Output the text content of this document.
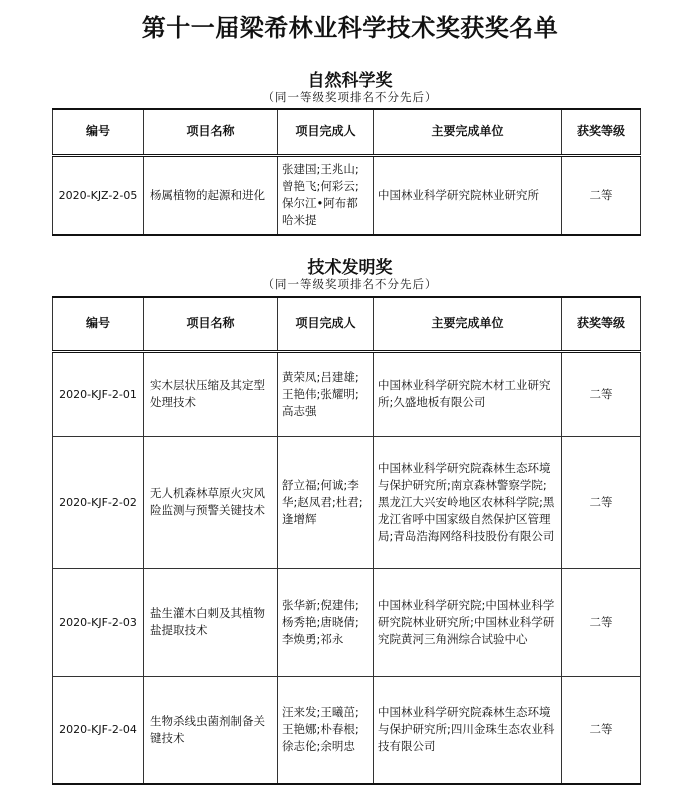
第十一届梁希林业科学技术奖获奖名单
自然科学奖
（同一等级奖项排名不分先后）
编号	项目名称	项目完成人	主要完成单位	获奖等级
2020-KJZ-2-05	杨属植物的起源和进化	张建国;王兆山;曾艳飞;何彩云;保尔江•阿布都哈米提	中国林业科学研究院林业研究所	二等
技术发明奖
（同一等级奖项排名不分先后）
编号	项目名称	项目完成人	主要完成单位	获奖等级
2020-KJF-2-01	实木层状压缩及其定型处理技术	黄荣凤;吕建雄;王艳伟;张耀明;高志强	中国林业科学研究院木材工业研究所;久盛地板有限公司	二等
2020-KJF-2-02	无人机森林草原火灾风险监测与预警关键技术	舒立福;何诚;李华;赵凤君;杜君;逢增辉	中国林业科学研究院森林生态环境与保护研究所;南京森林警察学院;黑龙江大兴安岭地区农林科学院;黑龙江省呼中国家级自然保护区管理局;青岛浩海网络科技股份有限公司	二等
2020-KJF-2-03	盐生灌木白刺及其植物盐提取技术	张华新;倪建伟;杨秀艳;唐晓倩;李焕勇;祁永	中国林业科学研究院;中国林业科学研究院林业研究所;中国林业科学研究院黄河三角洲综合试验中心	二等
2020-KJF-2-04	生物杀线虫菌剂制备关键技术	汪来发;王曦茁;王艳娜;朴春根;徐志伦;余明忠	中国林业科学研究院森林生态环境与保护研究所;四川金珠生态农业科技有限公司	二等
